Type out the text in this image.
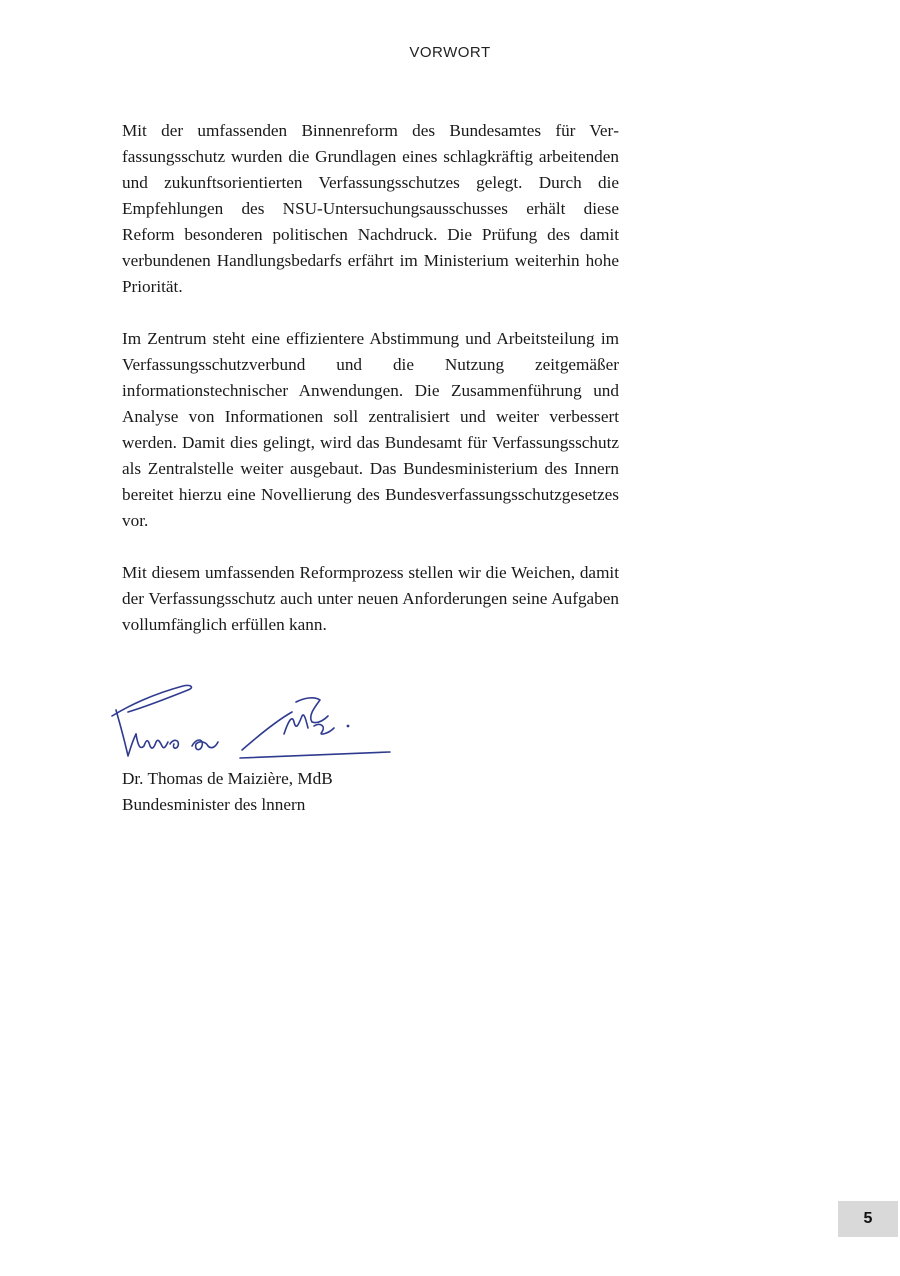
VORWORT

Mit der umfassenden Binnenreform des Bundesamtes für Verfassungsschutz wurden die Grundlagen eines schlagkräftig arbeitenden und zukunftsorientierten Verfassungsschutzes gelegt. Durch die Empfehlungen des NSU-Untersuchungsausschusses erhält diese Reform besonderen politischen Nachdruck. Die Prüfung des damit verbundenen Handlungsbedarfs erfährt im Ministerium weiterhin hohe Priorität.

Im Zentrum steht eine effizientere Abstimmung und Arbeitsteilung im Verfassungsschutzverbund und die Nutzung zeitgemäßer informationstechnischer Anwendungen. Die Zusammenführung und Analyse von Informationen soll zentralisiert und weiter verbessert werden. Damit dies gelingt, wird das Bundesamt für Verfassungsschutz als Zentralstelle weiter ausgebaut. Das Bundesministerium des Innern bereitet hierzu eine Novellierung des Bundesverfassungsschutzgesetzes vor.

Mit diesem umfassenden Reformprozess stellen wir die Weichen, damit der Verfassungsschutz auch unter neuen Anforderungen seine Aufgaben vollumfänglich erfüllen kann.

Dr. Thomas de Maizière, MdB
Bundesminister des lnnern
5
